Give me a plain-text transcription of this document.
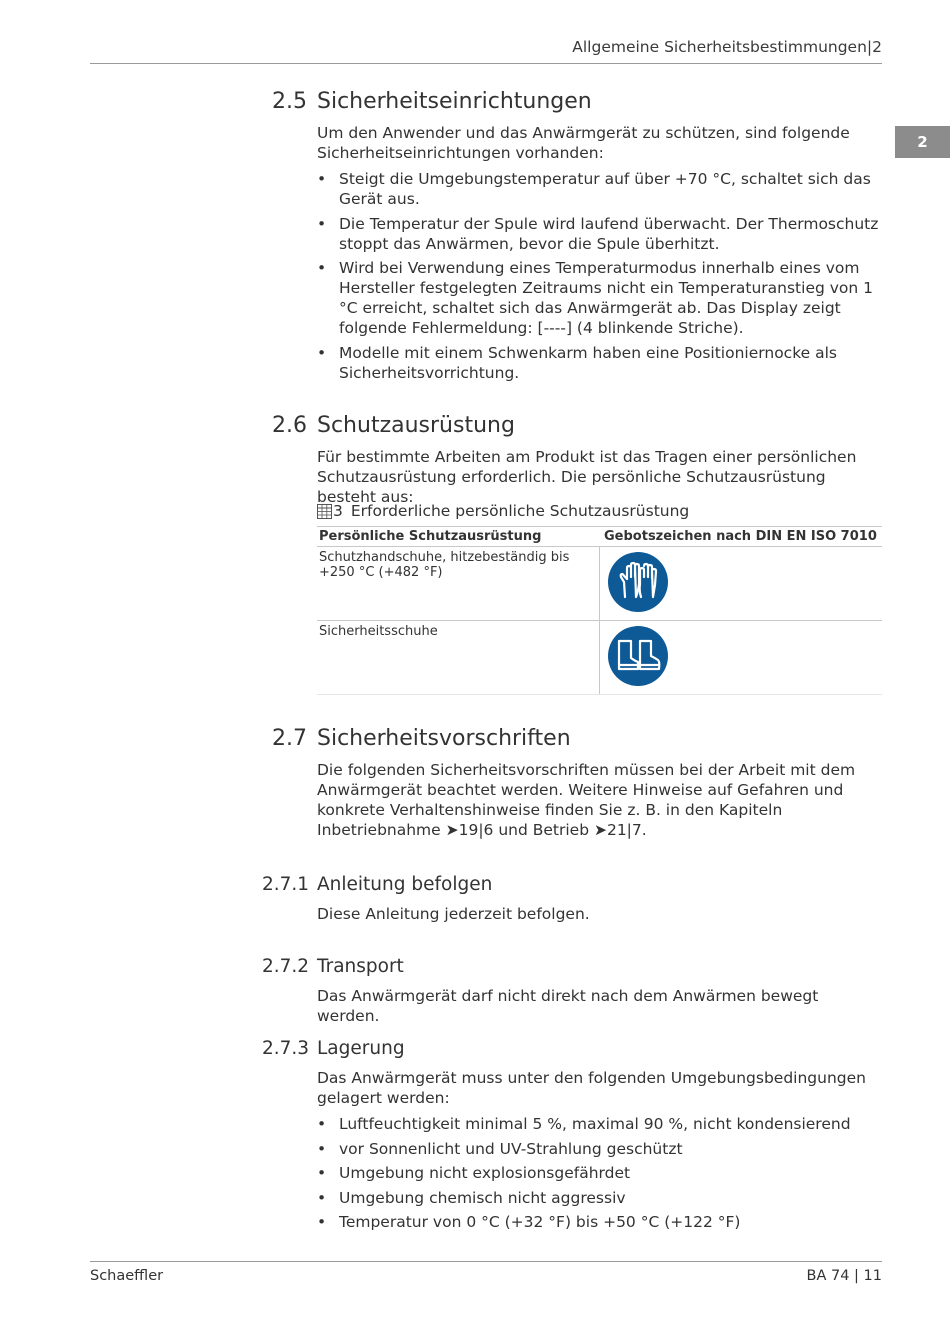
Allgemeine Sicherheitsbestimmungen|2
2
2.5 Sicherheitseinrichtungen
Um den Anwender und das Anwärmgerät zu schützen, sind folgende Sicherheitseinrichtungen vorhanden:
• Steigt die Umgebungstemperatur auf über +70 °C, schaltet sich das Gerät aus.
• Die Temperatur der Spule wird laufend überwacht. Der Thermoschutz stoppt das Anwärmen, bevor die Spule überhitzt.
• Wird bei Verwendung eines Temperaturmodus innerhalb eines vom Hersteller festgelegten Zeitraums nicht ein Temperaturanstieg von 1 °C erreicht, schaltet sich das Anwärmgerät ab. Das Display zeigt folgende Fehlermeldung: [----] (4 blinkende Striche).
• Modelle mit einem Schwenkarm haben eine Positioniernocke als Sicherheitsvorrichtung.
2.6 Schutzausrüstung
Für bestimmte Arbeiten am Produkt ist das Tragen einer persönlichen Schutzausrüstung erforderlich. Die persönliche Schutzausrüstung besteht aus:
3 Erforderliche persönliche Schutzausrüstung
Persönliche Schutzausrüstung	Gebotszeichen nach DIN EN ISO 7010
Schutzhandschuhe, hitzebeständig bis +250 °C (+482 °F)
Sicherheitsschuhe
2.7 Sicherheitsvorschriften
Die folgenden Sicherheitsvorschriften müssen bei der Arbeit mit dem Anwärmgerät beachtet werden. Weitere Hinweise auf Gefahren und konkrete Verhaltenshinweise finden Sie z. B. in den Kapiteln Inbetriebnahme ➤19|6 und Betrieb ➤21|7.
2.7.1 Anleitung befolgen
Diese Anleitung jederzeit befolgen.
2.7.2 Transport
Das Anwärmgerät darf nicht direkt nach dem Anwärmen bewegt werden.
2.7.3 Lagerung
Das Anwärmgerät muss unter den folgenden Umgebungsbedingungen gelagert werden:
• Luftfeuchtigkeit minimal 5 %, maximal 90 %, nicht kondensierend
• vor Sonnenlicht und UV-Strahlung geschützt
• Umgebung nicht explosionsgefährdet
• Umgebung chemisch nicht aggressiv
• Temperatur von 0 °C (+32 °F) bis +50 °C (+122 °F)
Schaeffler	BA 74 | 11
